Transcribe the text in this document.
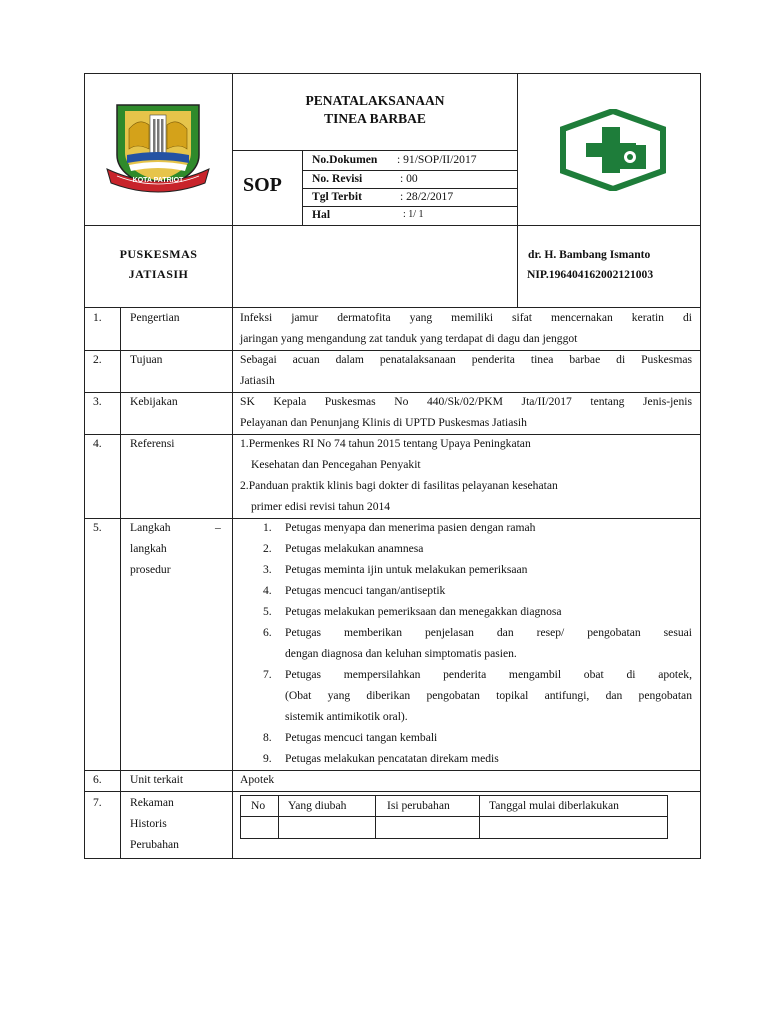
KOTA PATRIOT
PENATALAKSANAAN
TINEA BARBAE
SOP
No.Dokumen : 91/SOP/II/2017
No. Revisi	: 00
Tgl Terbit	: 28/2/2017
Hal	: 1/ 1
PUSKESMAS
JATIASIH
dr. H. Bambang Ismanto
NIP.196404162002121003
1. Pengertian	Infeksi jamur dermatofita yang memiliki sifat mencernakan keratin di
jaringan yang mengandung zat tanduk yang terdapat di dagu dan jenggot
2. Tujuan	Sebagai acuan dalam penatalaksanaan penderita tinea barbae di Puskesmas
Jatiasih
3. Kebijakan	SK Kepala Puskesmas No 440/Sk/02/PKM Jta/II/2017 tentang Jenis-jenis
Pelayanan dan Penunjang Klinis di UPTD Puskesmas Jatiasih
4. Referensi	1.Permenkes RI No 74 tahun 2015 tentang Upaya Peningkatan
Kesehatan dan Pencegahan Penyakit
2.Panduan praktik klinis bagi dokter di fasilitas pelayanan kesehatan
primer edisi revisi tahun 2014
5. Langkah	–
langkah
prosedur
1. Petugas menyapa dan menerima pasien dengan ramah
2. Petugas melakukan anamnesa
3. Petugas meminta ijin untuk melakukan pemeriksaan
4. Petugas mencuci tangan/antiseptik
5. Petugas melakukan pemeriksaan dan menegakkan diagnosa
6. Petugas memberikan penjelasan dan resep/ pengobatan sesuai
dengan diagnosa dan keluhan simptomatis pasien.
7. Petugas mempersilahkan penderita mengambil obat di apotek,
(Obat yang diberikan pengobatan topikal antifungi, dan pengobatan
sistemik antimikotik oral).
8. Petugas mencuci tangan kembali
9. Petugas melakukan pencatatan direkam medis
6. Unit terkait	Apotek
7. Rekaman
Historis
Perubahan
No Yang diubah	Isi perubahan	Tanggal mulai diberlakukan
